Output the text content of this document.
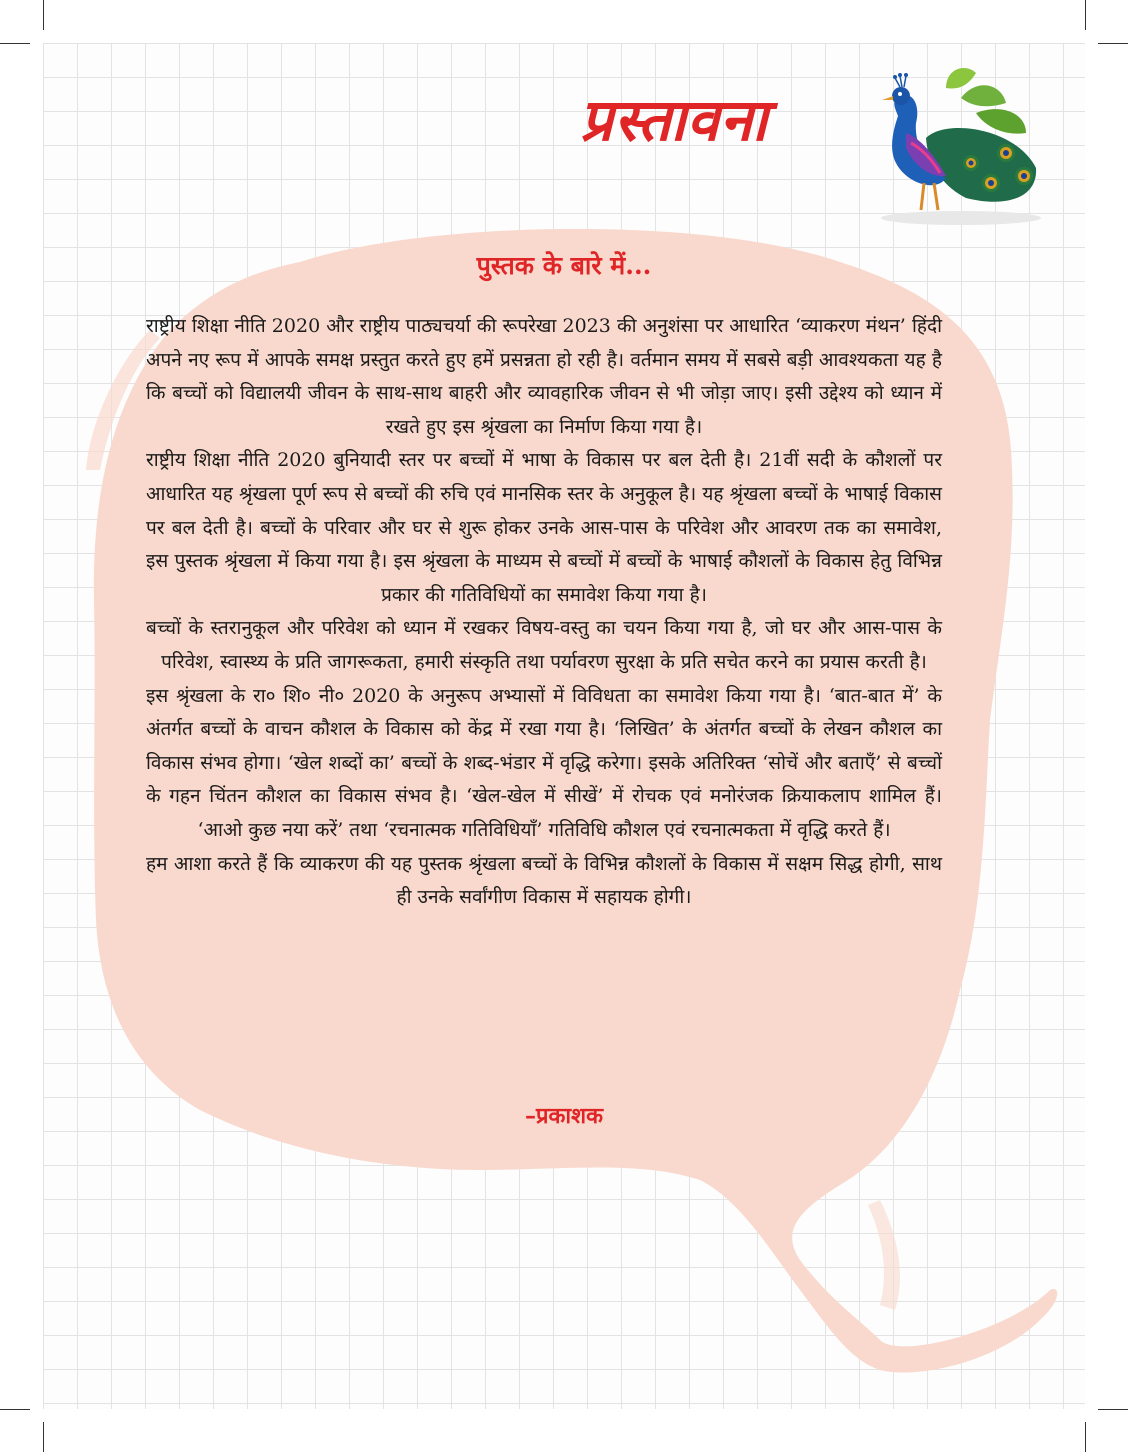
प्रस्तावना
पुस्तक के बारे में...

राष्ट्रीय शिक्षा नीति 2020 और राष्ट्रीय पाठ्यचर्या की रूपरेखा 2023 की अनुशंसा पर आधारित ‘व्याकरण मंथन’ हिंदी अपने नए रूप में आपके समक्ष प्रस्तुत करते हुए हमें प्रसन्नता हो रही है। वर्तमान समय में सबसे बड़ी आवश्यकता यह है कि बच्चों को विद्यालयी जीवन के साथ-साथ बाहरी और व्यावहारिक जीवन से भी जोड़ा जाए। इसी उद्देश्य को ध्यान में रखते हुए इस श्रृंखला का निर्माण किया गया है।

राष्ट्रीय शिक्षा नीति 2020 बुनियादी स्तर पर बच्चों में भाषा के विकास पर बल देती है। 21वीं सदी के कौशलों पर आधारित यह श्रृंखला पूर्ण रूप से बच्चों की रुचि एवं मानसिक स्तर के अनुकूल है। यह श्रृंखला बच्चों के भाषाई विकास पर बल देती है। बच्चों के परिवार और घर से शुरू होकर उनके आस-पास के परिवेश और आवरण तक का समावेश, इस पुस्तक श्रृंखला में किया गया है। इस श्रृंखला के माध्यम से बच्चों में बच्चों के भाषाई कौशलों के विकास हेतु विभिन्न प्रकार की गतिविधियों का समावेश किया गया है।

बच्चों के स्तरानुकूल और परिवेश को ध्यान में रखकर विषय-वस्तु का चयन किया गया है, जो घर और आस-पास के परिवेश, स्वास्थ्य के प्रति जागरूकता, हमारी संस्कृति तथा पर्यावरण सुरक्षा के प्रति सचेत करने का प्रयास करती है।

इस श्रृंखला के रा० शि० नी० 2020 के अनुरूप अभ्यासों में विविधता का समावेश किया गया है। ‘बात-बात में’ के अंतर्गत बच्चों के वाचन कौशल के विकास को केंद्र में रखा गया है। ‘लिखित’ के अंतर्गत बच्चों के लेखन कौशल का विकास संभव होगा। ‘खेल शब्दों का’ बच्चों के शब्द-भंडार में वृद्धि करेगा। इसके अतिरिक्त ‘सोचें और बताएँ’ से बच्चों के गहन चिंतन कौशल का विकास संभव है। ‘खेल-खेल में सीखें’ में रोचक एवं मनोरंजक क्रियाकलाप शामिल हैं। ‘आओ कुछ नया करें’ तथा ‘रचनात्मक गतिविधियाँ’ गतिविधि कौशल एवं रचनात्मकता में वृद्धि करते हैं।

हम आशा करते हैं कि व्याकरण की यह पुस्तक श्रृंखला बच्चों के विभिन्न कौशलों के विकास में सक्षम सिद्ध होगी, साथ ही उनके सर्वांगीण विकास में सहायक होगी।

–प्रकाशक
